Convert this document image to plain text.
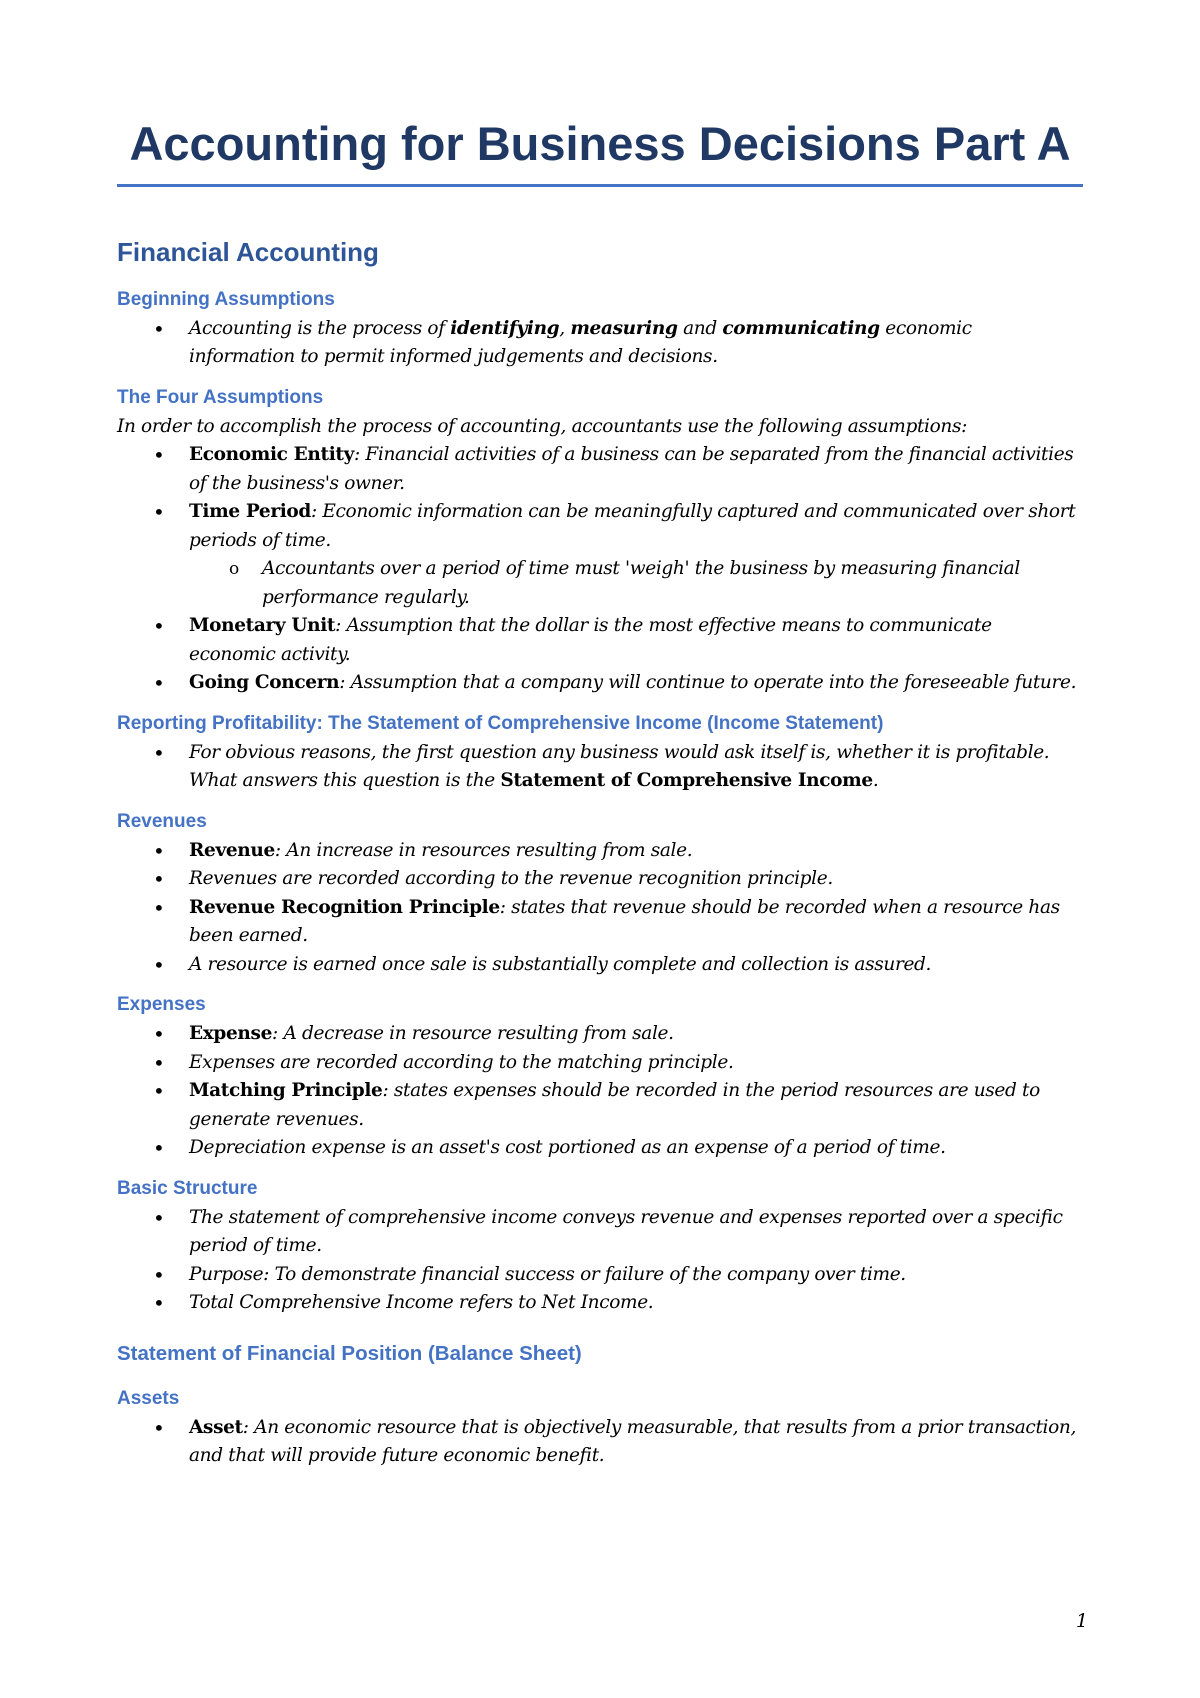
Accounting for Business Decisions Part A
Financial Accounting
Beginning Assumptions
• Accounting is the process of identifying, measuring and communicating economic information to permit informed judgements and decisions.
The Four Assumptions

In order to accomplish the process of accounting, accountants use the following assumptions:

• Economic Entity: Financial activities of a business can be separated from the financial activities of the business's owner.
• Time Period: Economic information can be meaningfully captured and communicated over short periods of time.
o Accountants over a period of time must 'weigh' the business by measuring financial performance regularly.
• Monetary Unit: Assumption that the dollar is the most effective means to communicate economic activity.
• Going Concern: Assumption that a company will continue to operate into the foreseeable future.
Reporting Profitability: The Statement of Comprehensive Income (Income Statement)
• For obvious reasons, the first question any business would ask itself is, whether it is profitable. What answers this question is the Statement of Comprehensive Income.
Revenues
• Revenue: An increase in resources resulting from sale.
• Revenues are recorded according to the revenue recognition principle.
• Revenue Recognition Principle: states that revenue should be recorded when a resource has been earned.
• A resource is earned once sale is substantially complete and collection is assured.
Expenses
• Expense: A decrease in resource resulting from sale.
• Expenses are recorded according to the matching principle.
• Matching Principle: states expenses should be recorded in the period resources are used to generate revenues.
• Depreciation expense is an asset's cost portioned as an expense of a period of time.
Basic Structure
• The statement of comprehensive income conveys revenue and expenses reported over a specific period of time.
• Purpose: To demonstrate financial success or failure of the company over time.
• Total Comprehensive Income refers to Net Income.
Statement of Financial Position (Balance Sheet)
Assets
• Asset: An economic resource that is objectively measurable, that results from a prior transaction, and that will provide future economic benefit.
1
